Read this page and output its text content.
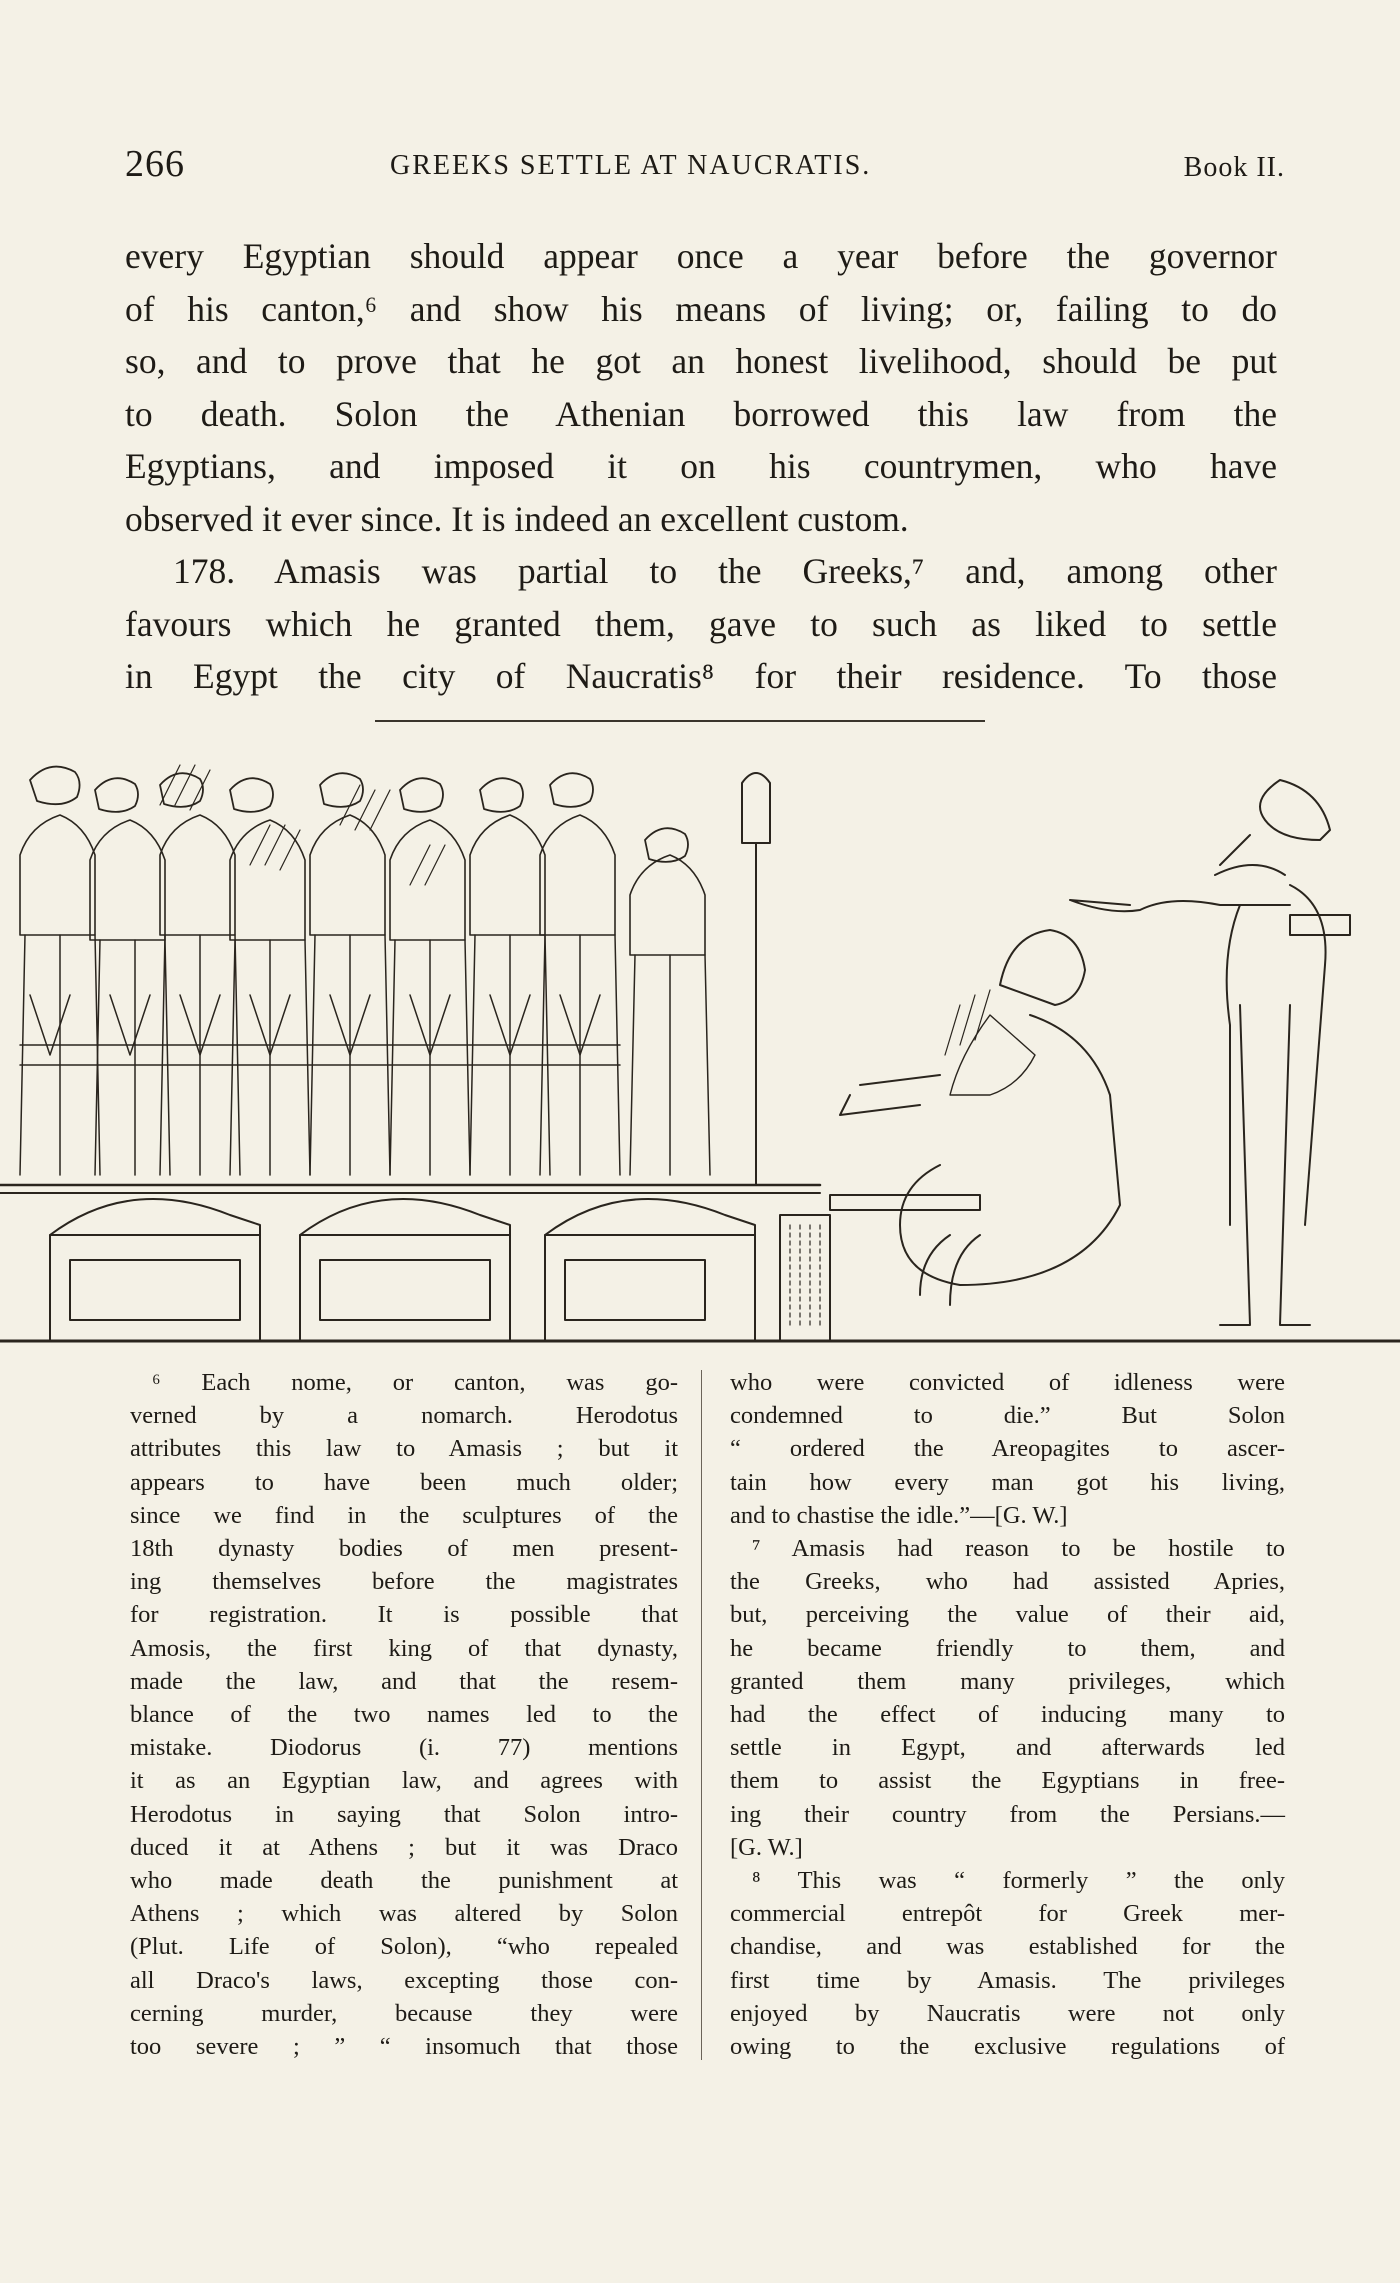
266	GREEKS SETTLE AT NAUCRATIS.	Book II.
every Egyptian should appear once a year before the governor
of his canton,⁶ and show his means of living; or, failing to do
so, and to prove that he got an honest livelihood, should be put
to death. Solon the Athenian borrowed this law from the
Egyptians, and imposed it on his countrymen, who have
observed it ever since. It is indeed an excellent custom.
178. Amasis was partial to the Greeks,⁷ and, among other
favours which he granted them, gave to such as liked to settle
in Egypt the city of Naucratis⁸ for their residence. To those
⁶ Each nome, or canton, was go-
verned by a nomarch. Herodotus
attributes this law to Amasis ; but it
appears to have been much older;
since we find in the sculptures of the
18th dynasty bodies of men present-
ing themselves before the magistrates
for registration. It is possible that
Amosis, the first king of that dynasty,
made the law, and that the resem-
blance of the two names led to the
mistake. Diodorus (i. 77) mentions
it as an Egyptian law, and agrees with
Herodotus in saying that Solon intro-
duced it at Athens ; but it was Draco
who made death the punishment at
Athens ; which was altered by Solon
(Plut. Life of Solon), “who repealed
all Draco's laws, excepting those con-
cerning murder, because they were
too severe ; ” “ insomuch that those
who were convicted of idleness were
condemned to die.” But Solon
“ ordered the Areopagites to ascer-
tain how every man got his living,
and to chastise the idle.”—[G. W.]
⁷ Amasis had reason to be hostile to
the Greeks, who had assisted Apries,
but, perceiving the value of their aid,
he became friendly to them, and
granted them many privileges, which
had the effect of inducing many to
settle in Egypt, and afterwards led
them to assist the Egyptians in free-
ing their country from the Persians.—
[G. W.]
⁸ This was “ formerly ” the only
commercial entrepôt for Greek mer-
chandise, and was established for the
first time by Amasis. The privileges
enjoyed by Naucratis were not only
owing to the exclusive regulations of
